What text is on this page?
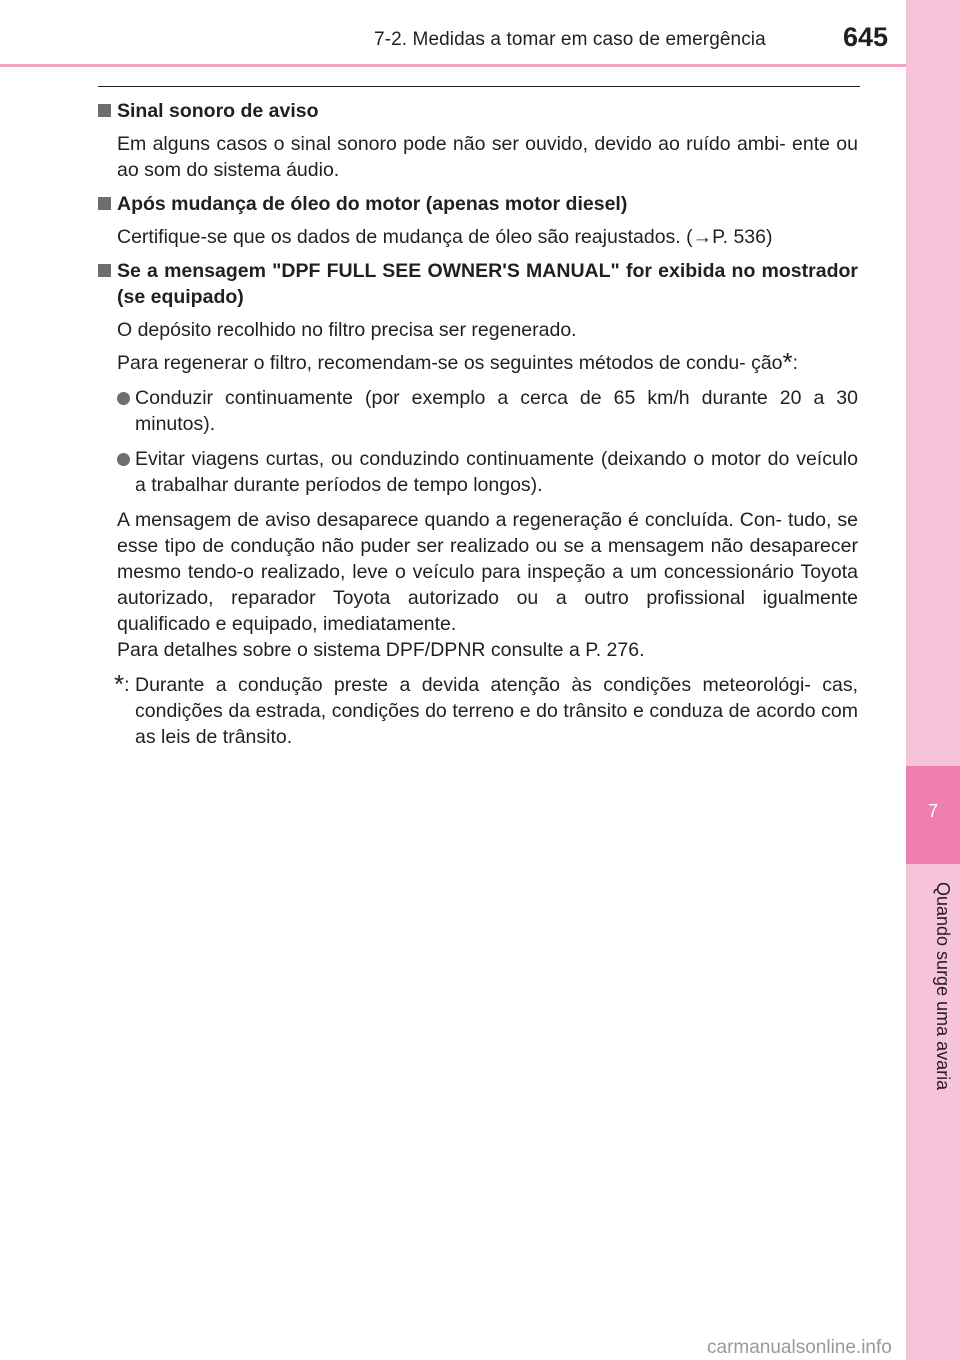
7-2. Medidas a tomar em caso de emergência	645
7
Quando surge uma avaria
Sinal sonoro de aviso
Em alguns casos o sinal sonoro pode não ser ouvido, devido ao ruído ambi- ente ou ao som do sistema áudio.
Após mudança de óleo do motor (apenas motor diesel)
Certifique-se que os dados de mudança de óleo são reajustados. (→P. 536)
Se a mensagem "DPF FULL SEE OWNER'S MANUAL" for exibida no mostrador (se equipado)
O depósito recolhido no filtro precisa ser regenerado.
Para regenerar o filtro, recomendam-se os seguintes métodos de condu- ção*:
Conduzir continuamente (por exemplo a cerca de 65 km/h durante 20 a 30 minutos).
Evitar viagens curtas, ou conduzindo continuamente (deixando o motor do veículo a trabalhar durante períodos de tempo longos).
A mensagem de aviso desaparece quando a regeneração é concluída. Con- tudo, se esse tipo de condução não puder ser realizado ou se a mensagem não desaparecer mesmo tendo-o realizado, leve o veículo para inspeção a um concessionário Toyota autorizado, reparador Toyota autorizado ou a outro profissional igualmente qualificado e equipado, imediatamente.
Para detalhes sobre o sistema DPF/DPNR consulte a P. 276.
*: Durante a condução preste a devida atenção às condições meteorológi- cas, condições da estrada, condições do terreno e do trânsito e conduza de acordo com as leis de trânsito.
carmanualsonline.info
